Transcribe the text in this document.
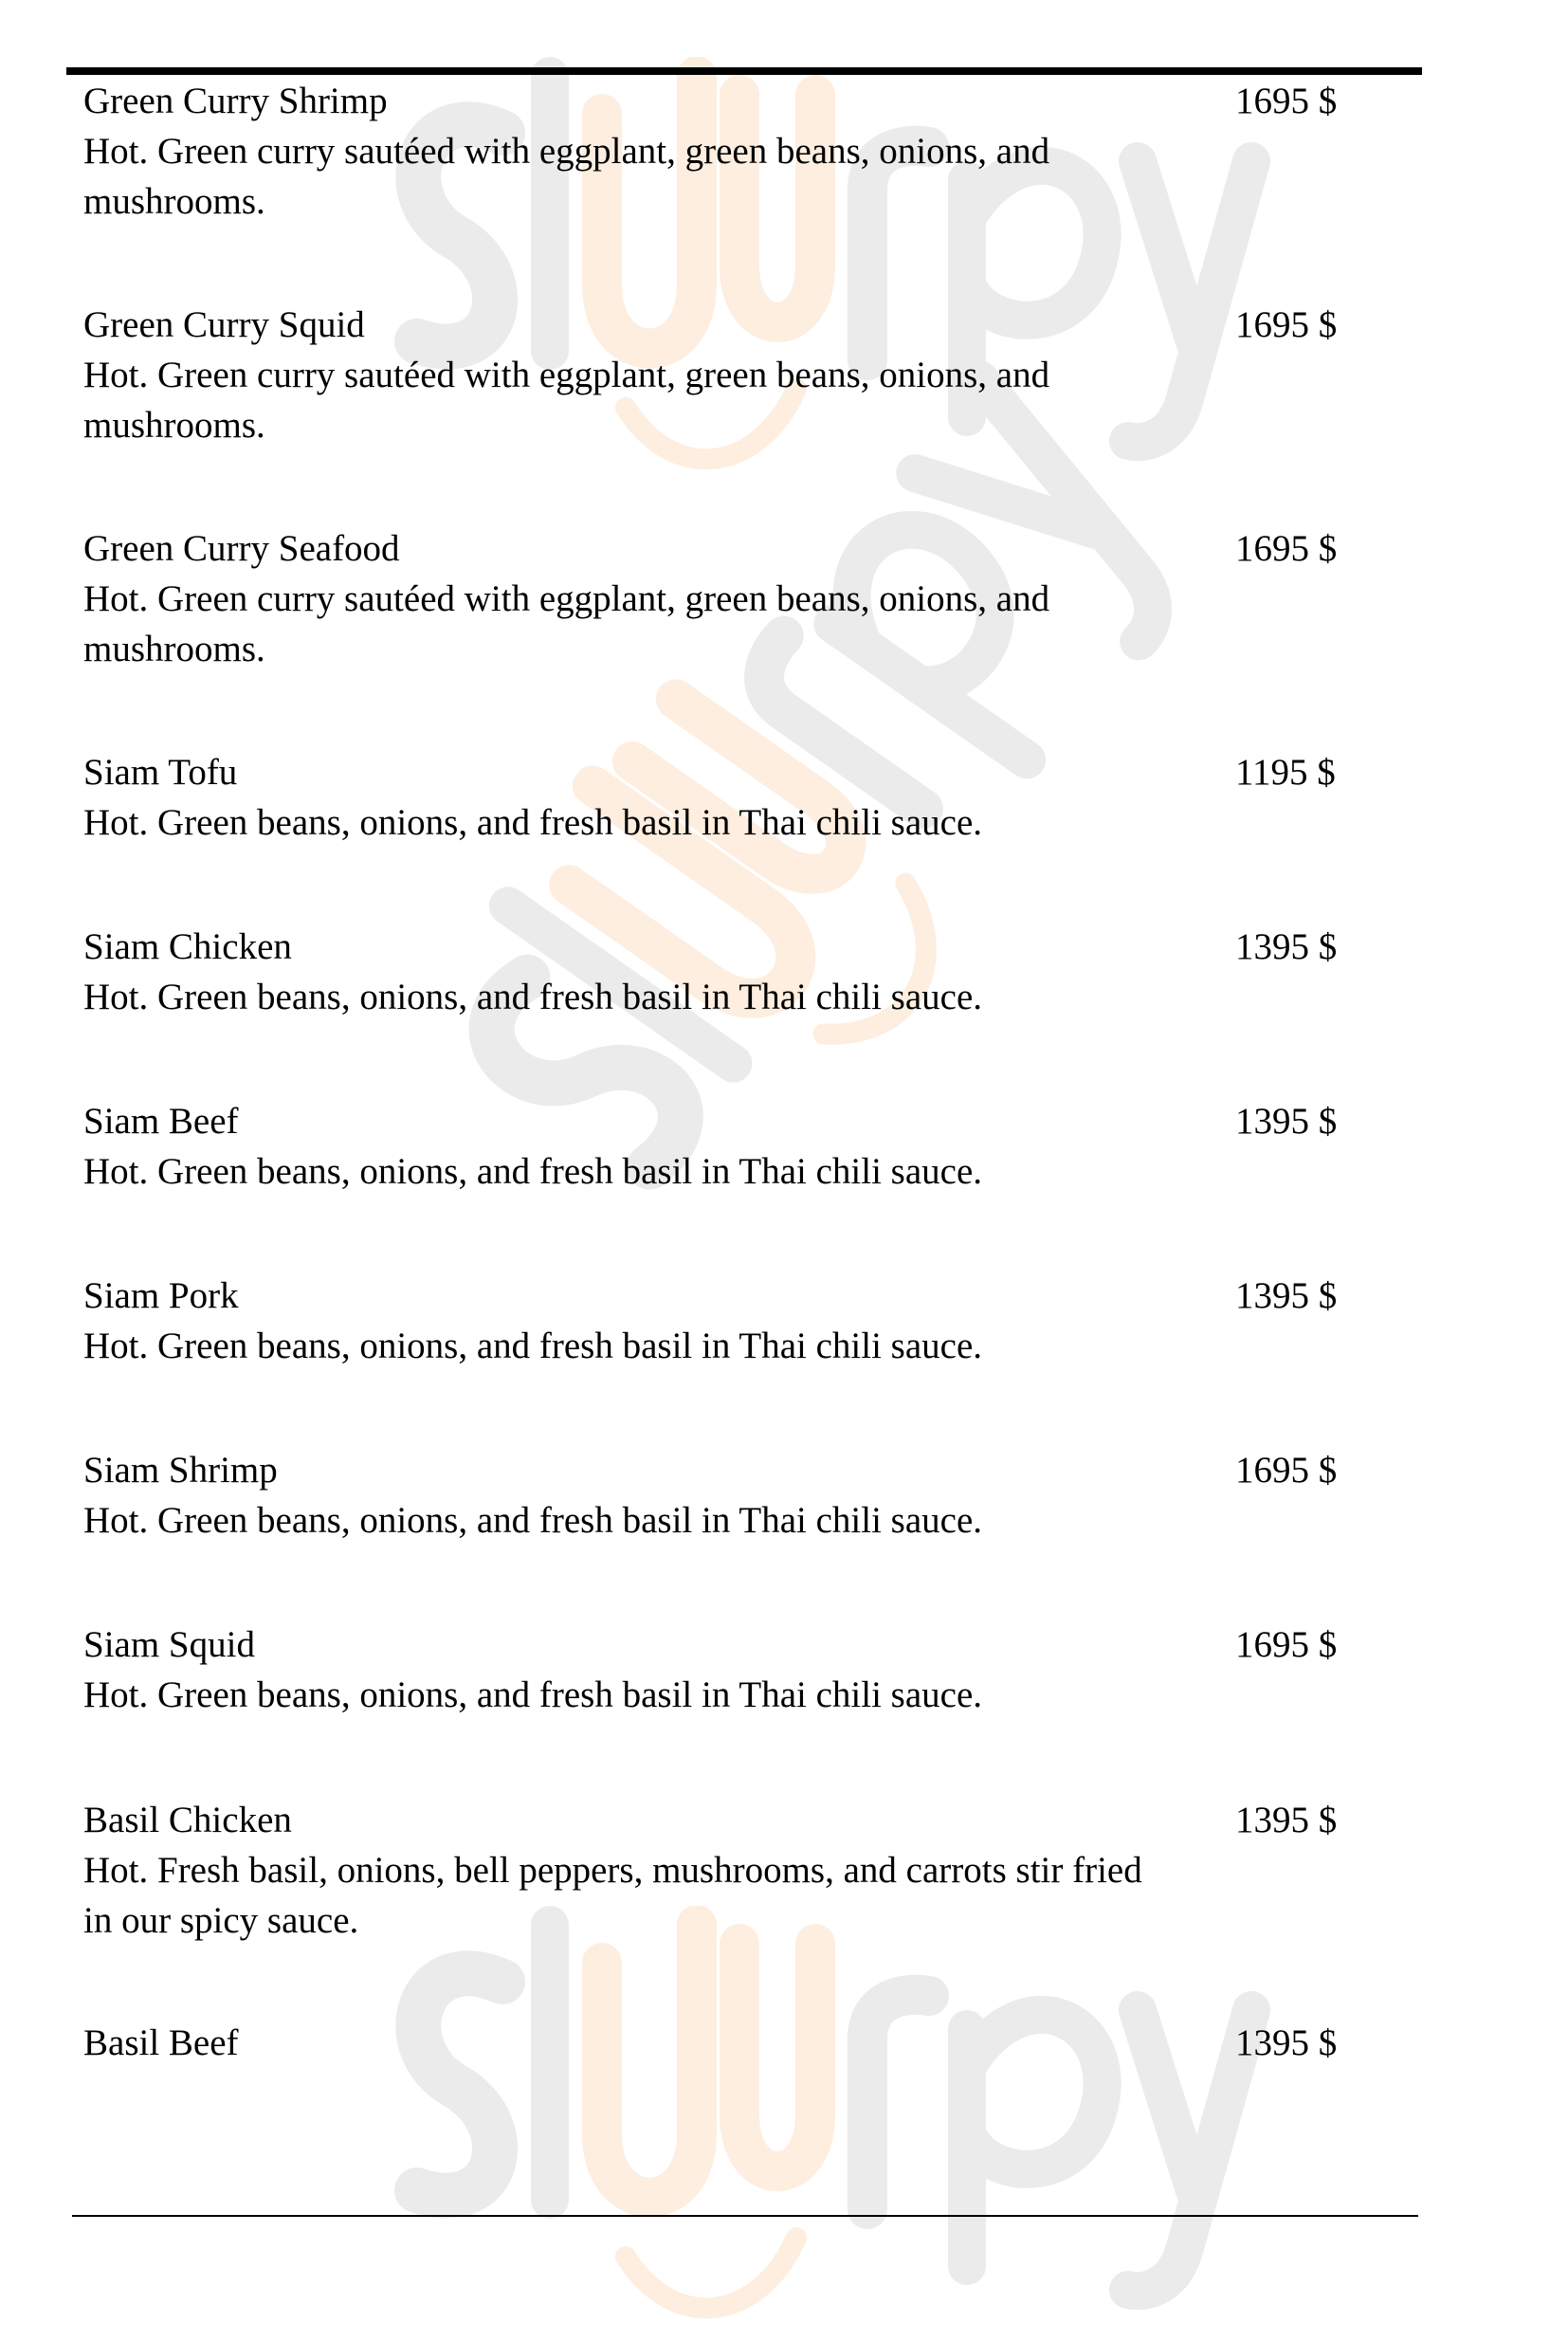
Green Curry Shrimp
Hot. Green curry sautéed with eggplant, green beans, onions, and mushrooms.
1695 $
Green Curry Squid
Hot. Green curry sautéed with eggplant, green beans, onions, and mushrooms.
1695 $
Green Curry Seafood
Hot. Green curry sautéed with eggplant, green beans, onions, and mushrooms.
1695 $
Siam Tofu
Hot. Green beans, onions, and fresh basil in Thai chili sauce.
1195 $
Siam Chicken
Hot. Green beans, onions, and fresh basil in Thai chili sauce.
1395 $
Siam Beef
Hot. Green beans, onions, and fresh basil in Thai chili sauce.
1395 $
Siam Pork
Hot. Green beans, onions, and fresh basil in Thai chili sauce.
1395 $
Siam Shrimp
Hot. Green beans, onions, and fresh basil in Thai chili sauce.
1695 $
Siam Squid
Hot. Green beans, onions, and fresh basil in Thai chili sauce.
1695 $
Basil Chicken
Hot. Fresh basil, onions, bell peppers, mushrooms, and carrots stir fried in our spicy sauce.
1395 $
Basil Beef	1395 $
